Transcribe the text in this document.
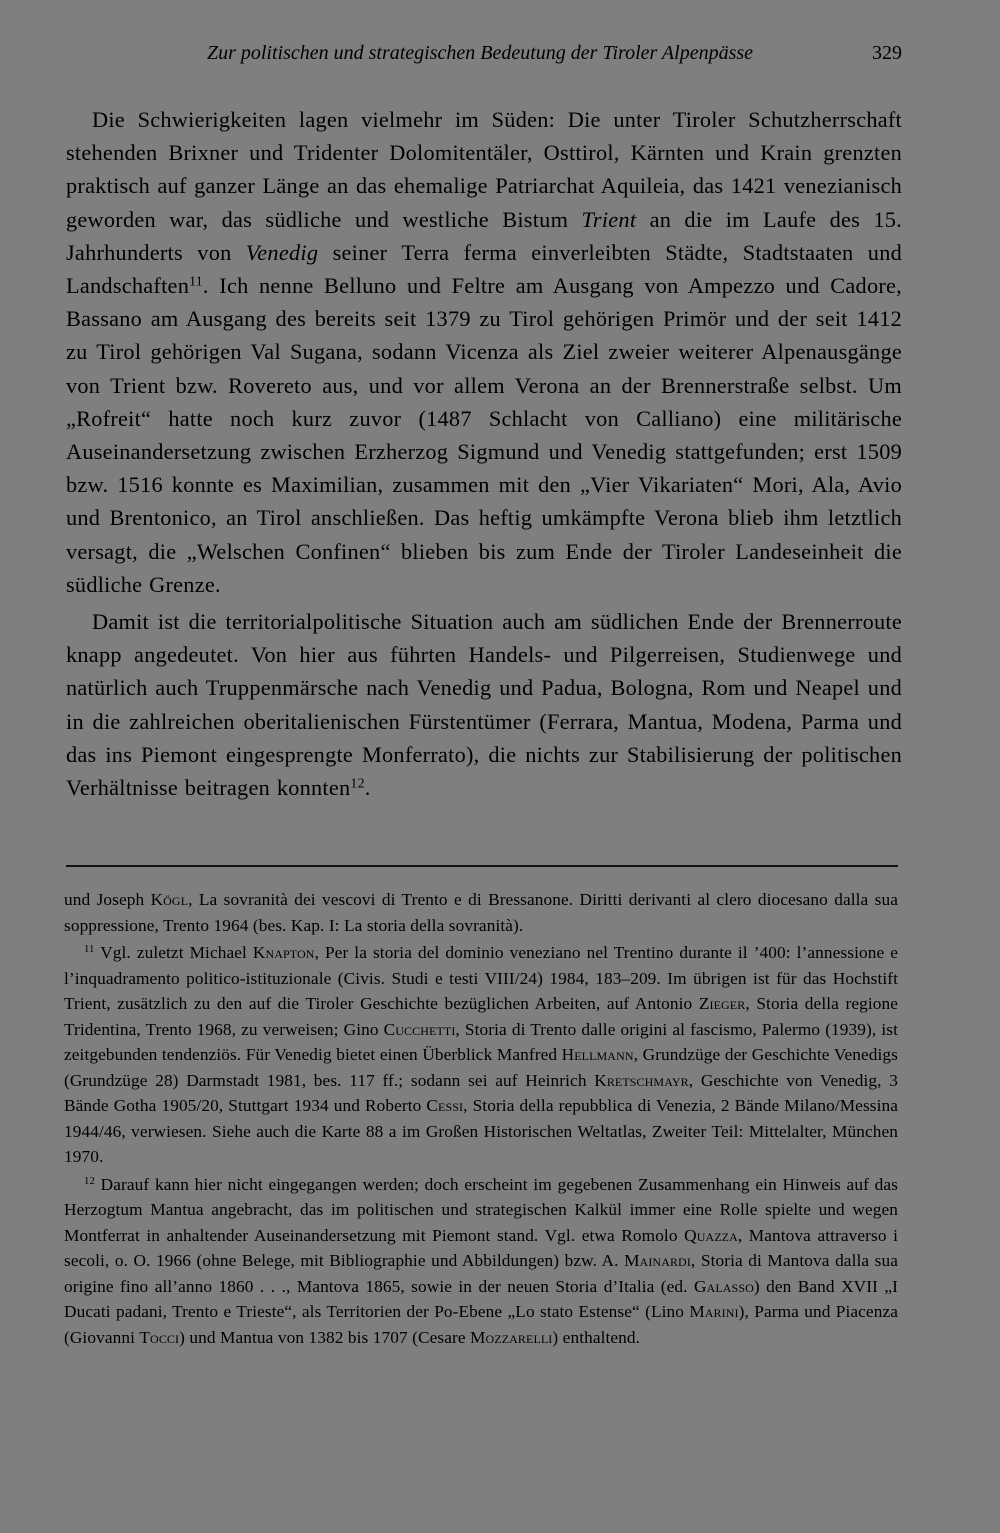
Zur politischen und strategischen Bedeutung der Tiroler Alpenpässe	329

Die Schwierigkeiten lagen vielmehr im Süden: Die unter Tiroler Schutzherrschaft stehenden Brixner und Tridenter Dolomitentäler, Osttirol, Kärnten und Krain grenzten praktisch auf ganzer Länge an das ehemalige Patriarchat Aquileia, das 1421 venezianisch geworden war, das südliche und westliche Bistum Trient an die im Laufe des 15. Jahrhunderts von Venedig seiner Terra ferma einverleibten Städte, Stadtstaaten und Landschaften$^{11}$. Ich nenne Belluno und Feltre am Ausgang von Ampezzo und Cadore, Bassano am Ausgang des bereits seit 1379 zu Tirol gehörigen Primör und der seit 1412 zu Tirol gehörigen Val Sugana, sodann Vicenza als Ziel zweier weiterer Alpenausgänge von Trient bzw. Rovereto aus, und vor allem Verona an der Brennerstraße selbst. Um „Rofreit“ hatte noch kurz zuvor (1487 Schlacht von Calliano) eine militärische Auseinandersetzung zwischen Erzherzog Sigmund und Venedig stattgefunden; erst 1509 bzw. 1516 konnte es Maximilian, zusammen mit den „Vier Vikariaten“ Mori, Ala, Avio und Brentonico, an Tirol anschließen. Das heftig umkämpfte Verona blieb ihm letztlich versagt, die „Welschen Confinen“ blieben bis zum Ende der Tiroler Landeseinheit die südliche Grenze.

Damit ist die territorialpolitische Situation auch am südlichen Ende der Brennerroute knapp angedeutet. Von hier aus führten Handels- und Pilgerreisen, Studienwege und natürlich auch Truppenmärsche nach Venedig und Padua, Bologna, Rom und Neapel und in die zahlreichen oberitalienischen Fürstentümer (Ferrara, Mantua, Modena, Parma und das ins Piemont eingesprengte Monferrato), die nichts zur Stabilisierung der politischen Verhältnisse beitragen konnten$^{12}$.

und Joseph Kögl, La sovranità dei vescovi di Trento e di Bressanone. Diritti derivanti al clero diocesano dalla sua soppressione, Trento 1964 (bes. Kap. I: La storia della sovranità).

$^{11}$ Vgl. zuletzt Michael Knapton, Per la storia del dominio veneziano nel Trentino durante il ’400: l’annessione e l’inquadramento politico-istituzionale (Civis. Studi e testi VIII/24) 1984, 183–209. Im übrigen ist für das Hochstift Trient, zusätzlich zu den auf die Tiroler Geschichte bezüglichen Arbeiten, auf Antonio Zieger, Storia della regione Tridentina, Trento 1968, zu verweisen; Gino Cucchetti, Storia di Trento dalle origini al fascismo, Palermo (1939), ist zeitgebunden tendenziös. Für Venedig bietet einen Überblick Manfred Hellmann, Grundzüge der Geschichte Venedigs (Grundzüge 28) Darmstadt 1981, bes. 117 ff.; sodann sei auf Heinrich Kretschmayr, Geschichte von Venedig, 3 Bände Gotha 1905/20, Stuttgart 1934 und Roberto Cessi, Storia della repubblica di Venezia, 2 Bände Milano/Messina 1944/46, verwiesen. Siehe auch die Karte 88 a im Großen Historischen Weltatlas, Zweiter Teil: Mittelalter, München 1970.

$^{12}$ Darauf kann hier nicht eingegangen werden; doch erscheint im gegebenen Zusammenhang ein Hinweis auf das Herzogtum Mantua angebracht, das im politischen und strategischen Kalkül immer eine Rolle spielte und wegen Montferrat in anhaltender Auseinandersetzung mit Piemont stand. Vgl. etwa Romolo Quazza, Mantova attraverso i secoli, o. O. 1966 (ohne Belege, mit Bibliographie und Abbildungen) bzw. A. Mainardi, Storia di Mantova dalla sua origine fino all’anno 1860 . . ., Mantova 1865, sowie in der neuen Storia d’Italia (ed. Galasso) den Band XVII „I Ducati padani, Trento e Trieste“, als Territorien der Po-Ebene „Lo stato Estense“ (Lino Marini), Parma und Piacenza (Giovanni Tocci) und Mantua von 1382 bis 1707 (Cesare Mozzarelli) enthaltend.
